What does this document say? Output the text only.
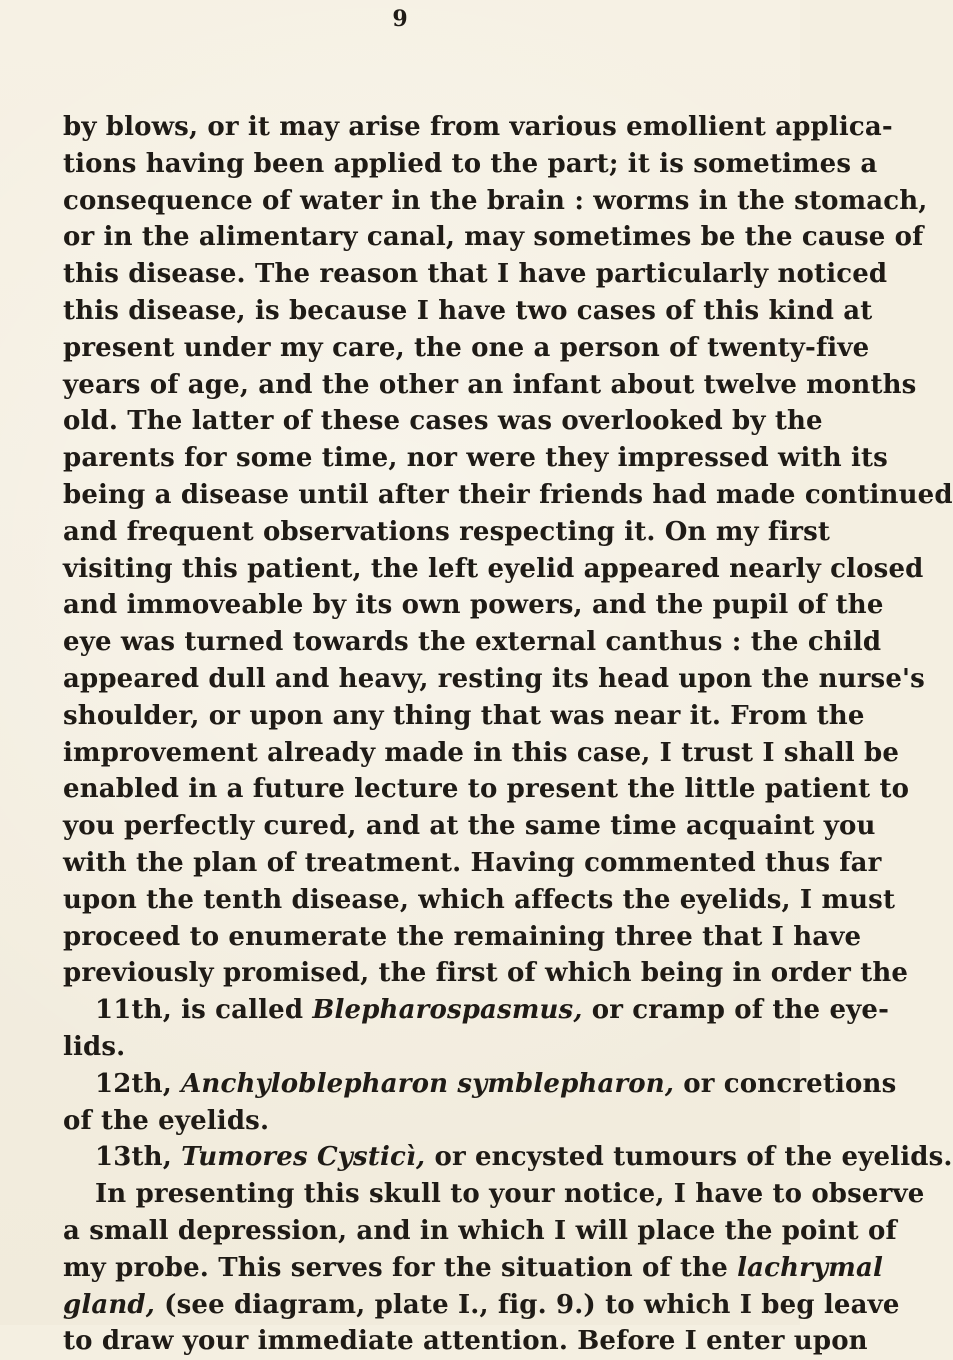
9
by blows, or it may arise from various emollient applica-
tions having been applied to the part; it is sometimes a
consequence of water in the brain : worms in the stomach,
or in the alimentary canal, may sometimes be the cause of
this disease. The reason that I have particularly noticed
this disease, is because I have two cases of this kind at
present under my care, the one a person of twenty-five
years of age, and the other an infant about twelve months
old. The latter of these cases was overlooked by the
parents for some time, nor were they impressed with its
being a disease until after their friends had made continued
and frequent observations respecting it. On my first
visiting this patient, the left eyelid appeared nearly closed
and immoveable by its own powers, and the pupil of the
eye was turned towards the external canthus : the child
appeared dull and heavy, resting its head upon the nurse's
shoulder, or upon any thing that was near it. From the
improvement already made in this case, I trust I shall be
enabled in a future lecture to present the little patient to
you perfectly cured, and at the same time acquaint you
with the plan of treatment. Having commented thus far
upon the tenth disease, which affects the eyelids, I must
proceed to enumerate the remaining three that I have
previously promised, the first of which being in order the
11th, is called Blepharospasmus, or cramp of the eye-
lids.
12th, Anchyloblepharon symblepharon, or concretions
of the eyelids.
13th, Tumores Cysticì, or encysted tumours of the eyelids.
In presenting this skull to your notice, I have to observe
a small depression, and in which I will place the point of
my probe. This serves for the situation of the lachrymal
gland, (see diagram, plate I., fig. 9.) to which I beg leave
to draw your immediate attention. Before I enter upon
